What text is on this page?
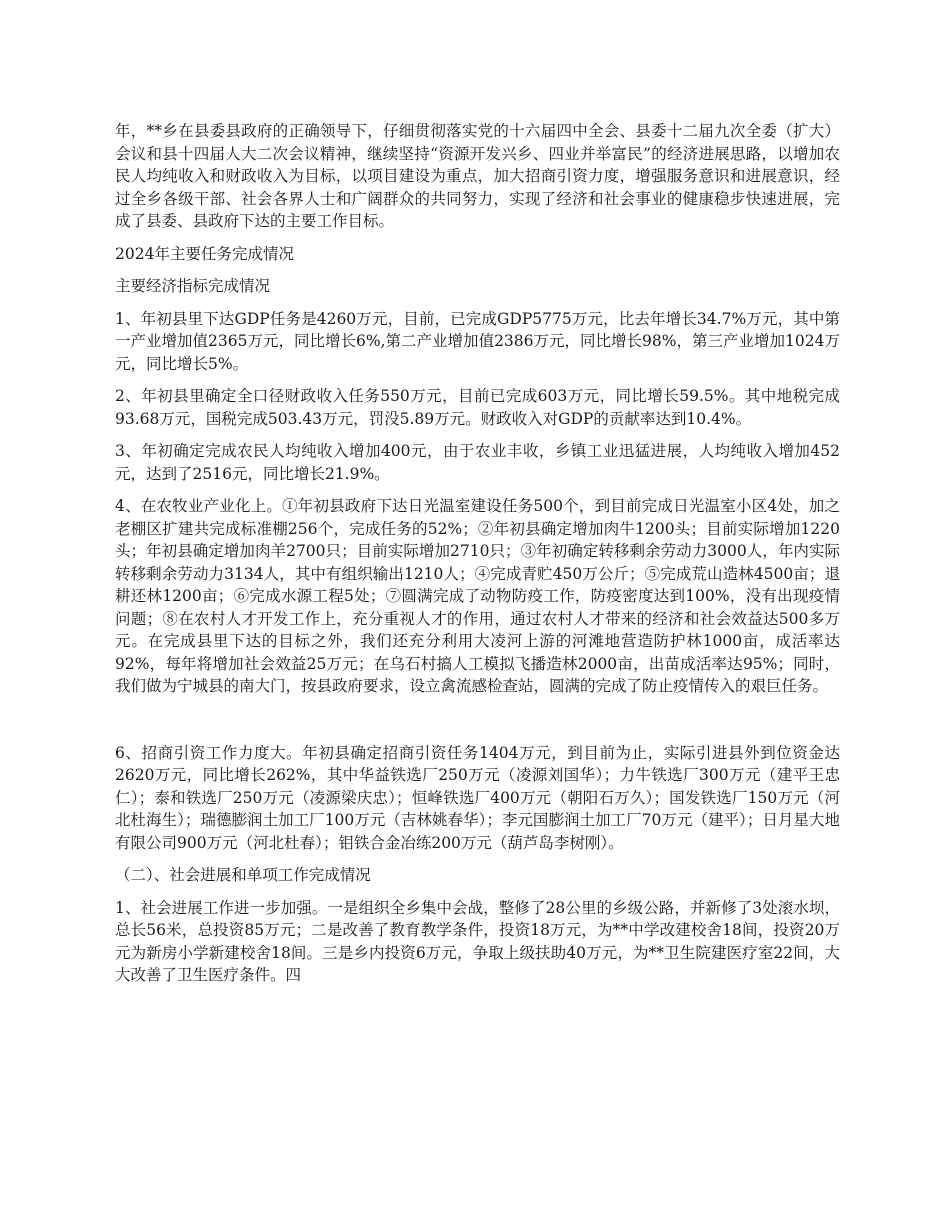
年，**乡在县委县政府的正确领导下，仔细贯彻落实党的十六届四中全会、县委十二届九次全委（扩大）会议和县十四届人大二次会议精神，继续坚持“资源开发兴乡、四业并举富民”的经济进展思路，以增加农民人均纯收入和财政收入为目标，以项目建设为重点，加大招商引资力度，增强服务意识和进展意识，经过全乡各级干部、社会各界人士和广阔群众的共同努力，实现了经济和社会事业的健康稳步快速进展，完成了县委、县政府下达的主要工作目标。

2024年主要任务完成情况

主要经济指标完成情况

1、年初县里下达GDP任务是4260万元，目前，已完成GDP5775万元，比去年增长34.7%万元，其中第一产业增加值2365万元，同比增长6%,第二产业增加值2386万元，同比增长98%，第三产业增加1024万元，同比增长5%。

2、年初县里确定全口径财政收入任务550万元，目前已完成603万元，同比增长59.5%。其中地税完成93.68万元，国税完成503.43万元，罚没5.89万元。财政收入对GDP的贡献率达到10.4%。

3、年初确定完成农民人均纯收入增加400元，由于农业丰收，乡镇工业迅猛进展，人均纯收入增加452元，达到了2516元，同比增长21.9%。

4、在农牧业产业化上。①年初县政府下达日光温室建设任务500个，到目前完成日光温室小区4处，加之老棚区扩建共完成标准棚256个，完成任务的52%；②年初县确定增加肉牛1200头；目前实际增加1220头；年初县确定增加肉羊2700只；目前实际增加2710只；③年初确定转移剩余劳动力3000人，年内实际转移剩余劳动力3134人，其中有组织输出1210人；④完成青贮450万公斤；⑤完成荒山造林4500亩；退耕还林1200亩；⑥完成水源工程5处；⑦圆满完成了动物防疫工作，防疫密度达到100%，没有出现疫情问题；⑧在农村人才开发工作上，充分重视人才的作用，通过农村人才带来的经济和社会效益达500多万元。在完成县里下达的目标之外，我们还充分利用大凌河上游的河滩地营造防护林1000亩，成活率达92%，每年将增加社会效益25万元；在乌石村搞人工模拟飞播造林2000亩，出苗成活率达95%；同时，我们做为宁城县的南大门，按县政府要求，设立禽流感检查站，圆满的完成了防止疫情传入的艰巨任务。

6、招商引资工作力度大。年初县确定招商引资任务1404万元，到目前为止，实际引进县外到位资金达2620万元，同比增长262%，其中华益铁选厂250万元（凌源刘国华）；力牛铁选厂300万元（建平王忠仁）；泰和铁选厂250万元（凌源梁庆忠）；恒峰铁选厂400万元（朝阳石万久）；国发铁选厂150万元（河北杜海生）；瑞德膨润土加工厂100万元（吉林姚春华）；李元国膨润土加工厂70万元（建平）；日月星大地有限公司900万元（河北杜春）；钼铁合金冶练200万元（葫芦岛李树刚）。

（二）、社会进展和单项工作完成情况

1、社会进展工作进一步加强。一是组织全乡集中会战，整修了28公里的乡级公路，并新修了3处滚水坝，总长56米，总投资85万元；二是改善了教育教学条件，投资18万元，为**中学改建校舍18间，投资20万元为新房小学新建校舍18间。三是乡内投资6万元，争取上级扶助40万元，为**卫生院建医疗室22间，大大改善了卫生医疗条件。四
